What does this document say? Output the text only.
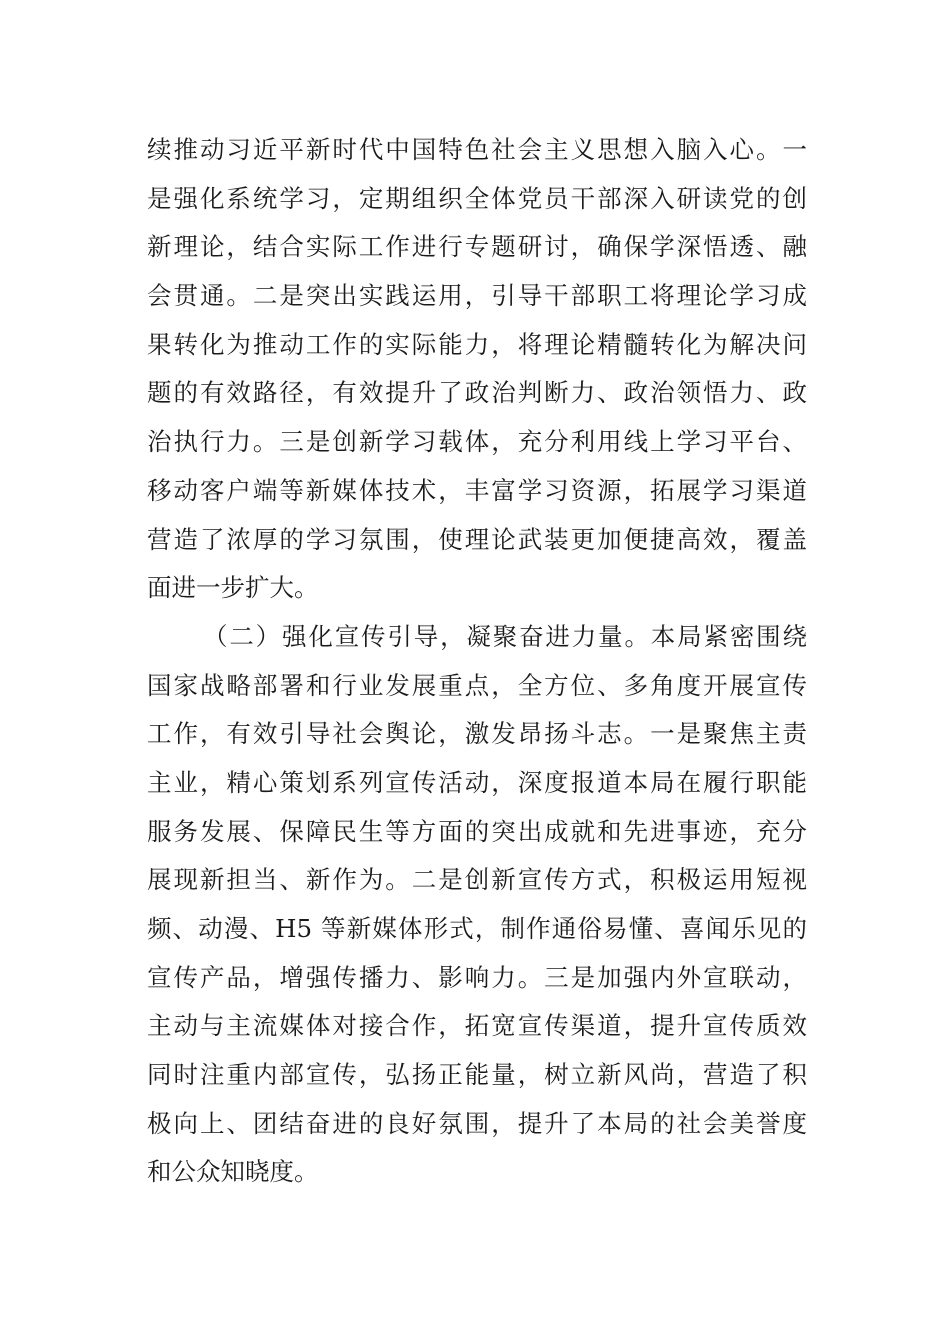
续推动习近平新时代中国特色社会主义思想入脑入心。一
是强化系统学习，定期组织全体党员干部深入研读党的创
新理论，结合实际工作进行专题研讨，确保学深悟透、融
会贯通。二是突出实践运用，引导干部职工将理论学习成
果转化为推动工作的实际能力，将理论精髓转化为解决问
题的有效路径，有效提升了政治判断力、政治领悟力、政
治执行力。三是创新学习载体，充分利用线上学习平台、
移动客户端等新媒体技术，丰富学习资源，拓展学习渠道
营造了浓厚的学习氛围，使理论武装更加便捷高效，覆盖
面进一步扩大。
（二）强化宣传引导，凝聚奋进力量。本局紧密围绕
国家战略部署和行业发展重点，全方位、多角度开展宣传
工作，有效引导社会舆论，激发昂扬斗志。一是聚焦主责
主业，精心策划系列宣传活动，深度报道本局在履行职能
服务发展、保障民生等方面的突出成就和先进事迹，充分
展现新担当、新作为。二是创新宣传方式，积极运用短视
频、动漫、H5 等新媒体形式，制作通俗易懂、喜闻乐见的
宣传产品，增强传播力、影响力。三是加强内外宣联动，
主动与主流媒体对接合作，拓宽宣传渠道，提升宣传质效
同时注重内部宣传，弘扬正能量，树立新风尚，营造了积
极向上、团结奋进的良好氛围，提升了本局的社会美誉度
和公众知晓度。
